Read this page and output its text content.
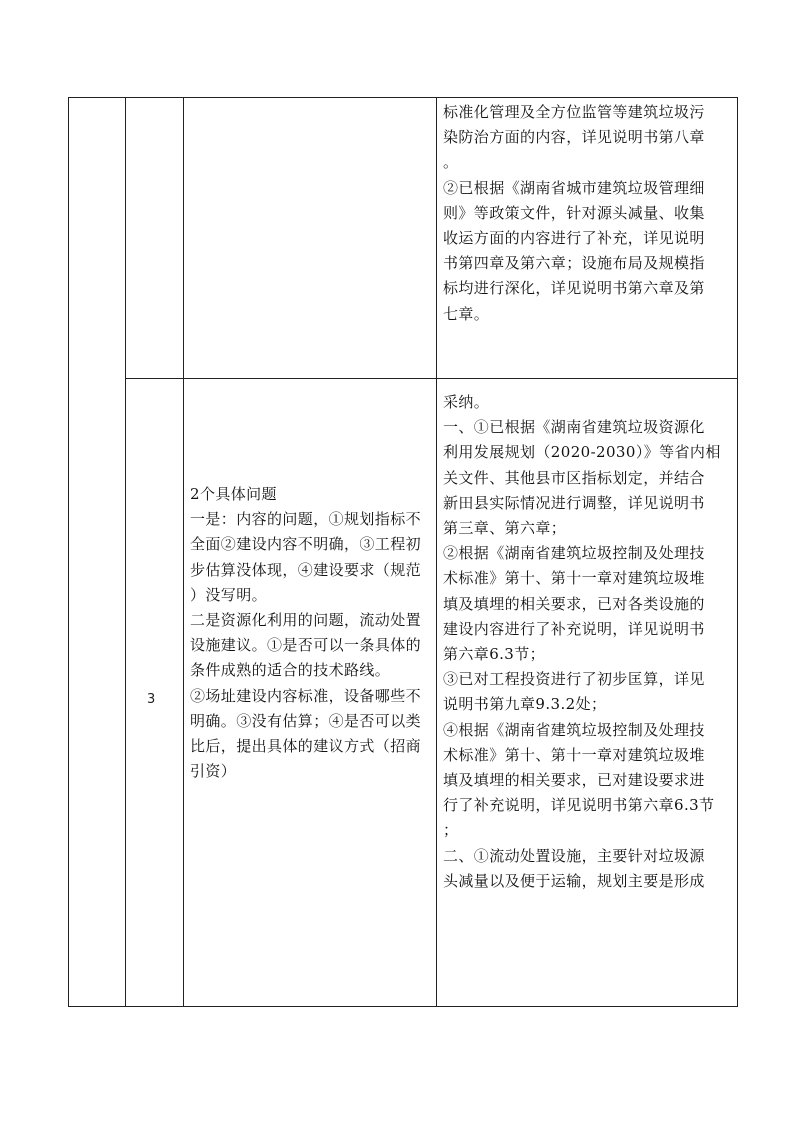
标准化管理及全方位监管等建筑垃圾污

染防治方面的内容，详见说明书第八章

。

②已根据《湖南省城市建筑垃圾管理细

则》等政策文件，针对源头减量、收集

收运方面的内容进行了补充，详见说明

书第四章及第六章；设施布局及规模指

标均进行深化，详见说明书第六章及第

七章。

3

2个具体问题

一是：内容的问题，①规划指标不

全面②建设内容不明确，③工程初

步估算没体现，④建设要求（规范

）没写明。

二是资源化利用的问题，流动处置

设施建议。①是否可以一条具体的

条件成熟的适合的技术路线。

②场址建设内容标准，设备哪些不

明确。③没有估算；④是否可以类

比后，提出具体的建议方式（招商

引资）

采纳。

一、①已根据《湖南省建筑垃圾资源化

利用发展规划（2020-2030）》等省内相

关文件、其他县市区指标划定，并结合

新田县实际情况进行调整，详见说明书

第三章、第六章；

②根据《湖南省建筑垃圾控制及处理技

术标准》第十、第十一章对建筑垃圾堆

填及填埋的相关要求，已对各类设施的

建设内容进行了补充说明，详见说明书

第六章6.3节；

③已对工程投资进行了初步匡算，详见

说明书第九章9.3.2处；

④根据《湖南省建筑垃圾控制及处理技

术标准》第十、第十一章对建筑垃圾堆

填及填埋的相关要求，已对建设要求进

行了补充说明，详见说明书第六章6.3节

；

二、①流动处置设施，主要针对垃圾源

头减量以及便于运输，规划主要是形成
